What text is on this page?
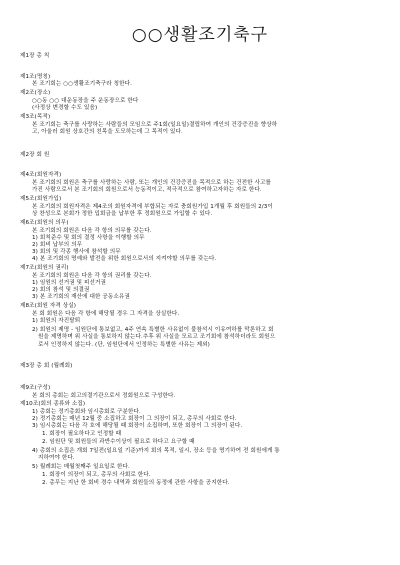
○○생활조기축구
제1장 총 칙
제1조(명칭)
본 조기회는 ○○생활조기축구라 칭한다.
제2조(장소)
○○동 ○○ 대운동장을 주 운동장으로 한다
(사정상 변경할 수도 있음)
제3조(목적)
본 조기회는 축구를 사랑하는 사람들의 모임으로 주1회(일요일)결립하여 개인의 건강증진을 향상하
고, 아울러 회원 상호간의 친목을 도모하는데 그 목적이 있다.
제2장 회 원
제4조(회원자격)
본 조기회의 회원은 축구를 사랑하는 사람, 또는 개인의 건강증진을 목적으로 하는 건전한 사고를
가진 사람으로서 본 조기회의 회원으로서 능동적이고, 적극적으로 참여하고자하는 자로 한다.
제5조(회원가입)
본 조기회의 회원자격은 제4조의 회원자격에 부합되는 자로 충회원가입 1개월 후 회원들의 2/3이
상 찬성으로 본회가 정한 입회금을 납부한 후 정회원으로 가입할 수 있다.
제6조(회원의 의무)
본 조기회의 회원은 다음 각 항의 의무를 갖는다.
1) 회칙준수 및 회의 결정 사항을 이행할 의무
2) 회비 납부의 의무
3) 회의 및 각종 행사에 참석할 의무
4) 본 조기회의 명예와 발전을 위한 회원으로서의 지켜야할 의무를 갖는다.
제7조(회원의 권리)
본 조기회의 회원은 다음 각 항의 권리를 갖는다.
1) 임원의 선거권 및 피선거권
2) 회의 참석 및 의결권
3) 본 조기회의 재산에 대한 공동소유권
제8조(회원 자격 상실)
본 회 회원은 다음 각 항에 해당될 경우 그 자격을 상실한다.
1) 회원의 자진탈퇴
2) 회원의 제명 - 임원단에 통보없고, 4주 연속 특별한 사유없이 불참석시 이유여하를 막론하고 회
원을 제명하며 위 사실을 통보하지 않는다.추후 위 사실을 모르고 조기회에 참석하더라도 회원으
로서 인정하지 않는다. (단, 임원단에서 인정하는 특별한 사유는 제외)
제3장 총 회 (월례회)
제9조(구성)
본 회의 총회는 회고의결기관으로서 정회원으로 구성한다.
제10조(회의 종류와 소집)
1) 총회는 정기총회와 임시총회로 구분한다.
2) 정기총회는 매년 12월 중 소집하고 회장이 그 의장이 되고, 총무의 사회로 한다.
3) 임시총회는 다음 각 호에 해당될 때 회장이 소집하며, 또한 회장이 그 의장이 된다.
1. 회장이 필요하다고 인정할 때
2. 임원단 및 회원들의 과반수이상이 필요로 하다고 요구할 때
4) 총회의 소집은 개회 7일전(일요일 기준)까지 회의 목적, 일시, 장소 등을 명기하여 전 회원에게 통
지하여야 한다.
5) 월례회는 매월첫째주 일요일로 한다.
1. 회장이 의장이 되고, 총무의 사회로 한다.
2. 총무는 지난 한 회비 경수 내역과 회원들의 동정에 관한 사항을 공지한다.
